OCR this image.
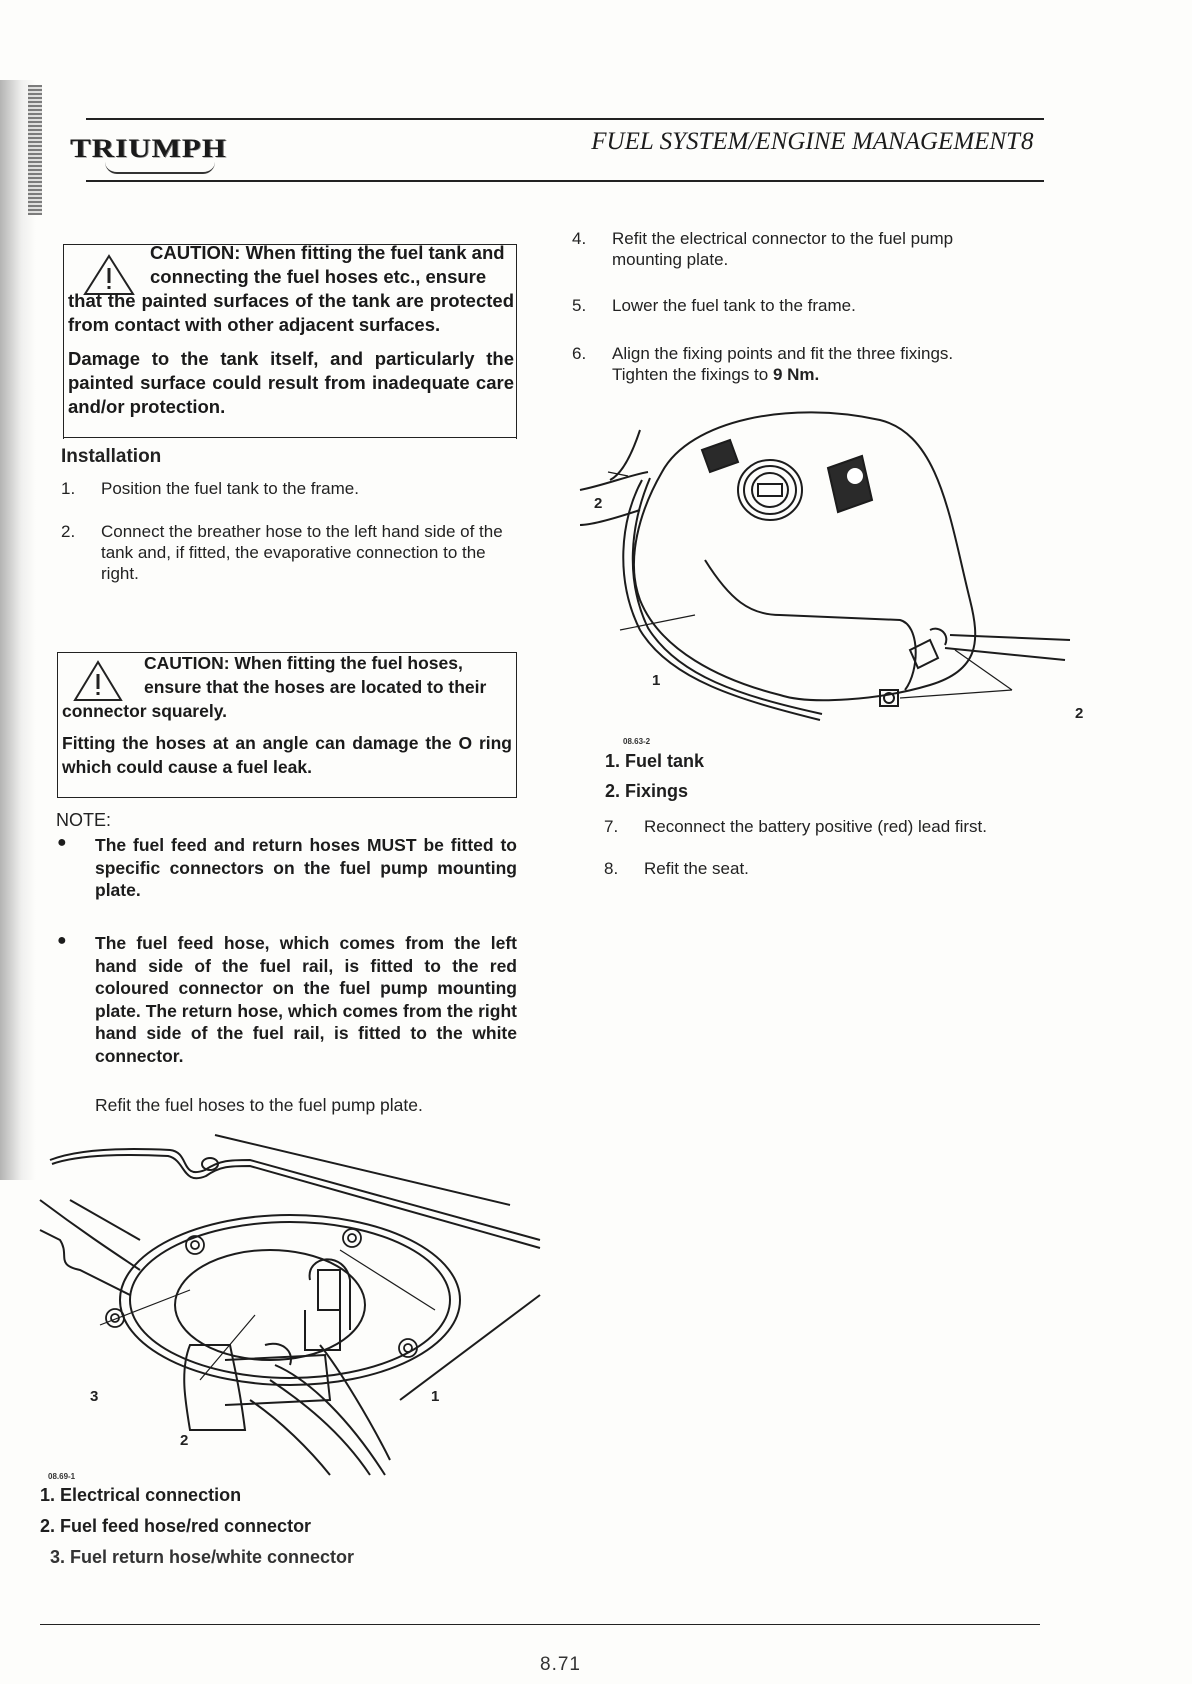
TRIUMPH	FUEL SYSTEM/ENGINE MANAGEMENT 8
CAUTION: When fitting the fuel tank and
connecting the fuel hoses etc., ensure
that the painted surfaces of the tank are protected from contact with other adjacent surfaces.
Damage to the tank itself, and particularly the painted surface could result from inadequate care and/or protection.
Installation
1. Position the fuel tank to the frame.
2. Connect the breather hose to the left hand side of the tank and, if fitted, the evaporative connection to the right.
CAUTION: When fitting the fuel hoses,
ensure that the hoses are located to their
connector squarely.
Fitting the hoses at an angle can damage the O ring which could cause a fuel leak.
NOTE:
● The fuel feed and return hoses MUST be fitted to specific connectors on the fuel pump mounting plate.
● The fuel feed hose, which comes from the left hand side of the fuel rail, is fitted to the red coloured connector on the fuel pump mounting plate. The return hose, which comes from the right hand side of the fuel rail, is fitted to the white connector.
Refit the fuel hoses to the fuel pump plate.
3
2
1
08.69-1
1. Electrical connection
2. Fuel feed hose/red connector
3. Fuel return hose/white connector
4. Refit the electrical connector to the fuel pump mounting plate.
5. Lower the fuel tank to the frame.
6. Align the fixing points and fit the three fixings.
Tighten the fixings to 9 Nm.
2
1
2
08.63-2
1. Fuel tank
2. Fixings
7. Reconnect the battery positive (red) lead first.
8. Refit the seat.
8.71
